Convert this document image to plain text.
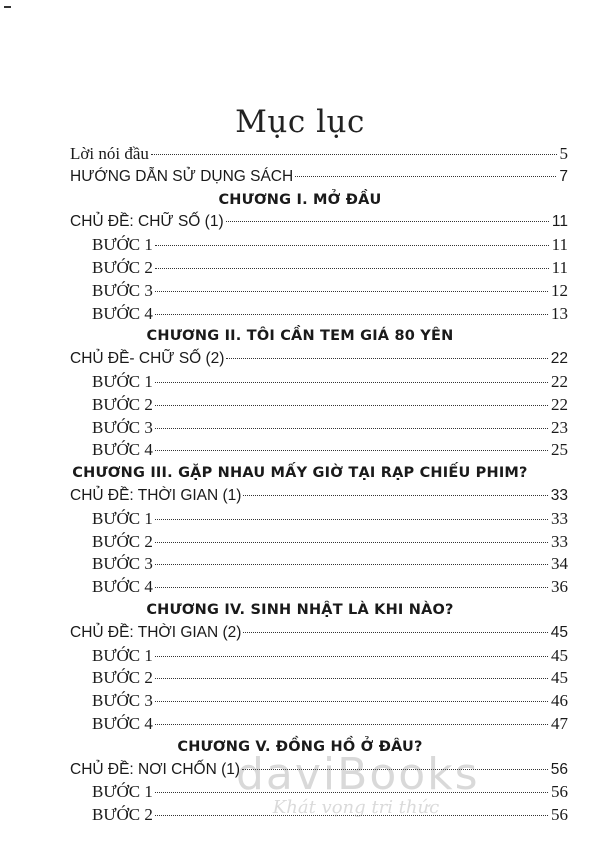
Mục lục
Lời nói đầu	5
HƯỚNG DẪN SỬ DỤNG SÁCH	7
CHƯƠNG I. MỞ ĐẦU
CHỦ ĐỀ: CHỮ SỐ (1)	11
BƯỚC 1	11
BƯỚC 2	11
BƯỚC 3	12
BƯỚC 4	13
CHƯƠNG II. TÔI CẦN TEM GIÁ 80 YÊN
CHỦ ĐỀ- CHỮ SỐ (2)	22
BƯỚC 1	22
BƯỚC 2	22
BƯỚC 3	23
BƯỚC 4	25
CHƯƠNG III. GẶP NHAU MẤY GIỜ TẠI RẠP CHIẾU PHIM?
CHỦ ĐỀ: THỜI GIAN (1)	33
BƯỚC 1	33
BƯỚC 2	33
BƯỚC 3	34
BƯỚC 4	36
CHƯƠNG IV. SINH NHẬT LÀ KHI NÀO?
CHỦ ĐỀ: THỜI GIAN (2)	45
BƯỚC 1	45
BƯỚC 2	45
BƯỚC 3	46
BƯỚC 4	47
CHƯƠNG V. ĐỒNG HỒ Ở ĐÂU?
CHỦ ĐỀ: NƠI CHỐN (1)	56
BƯỚC 1	56
BƯỚC 2	56
daviBooks
Khát vọng tri thức
